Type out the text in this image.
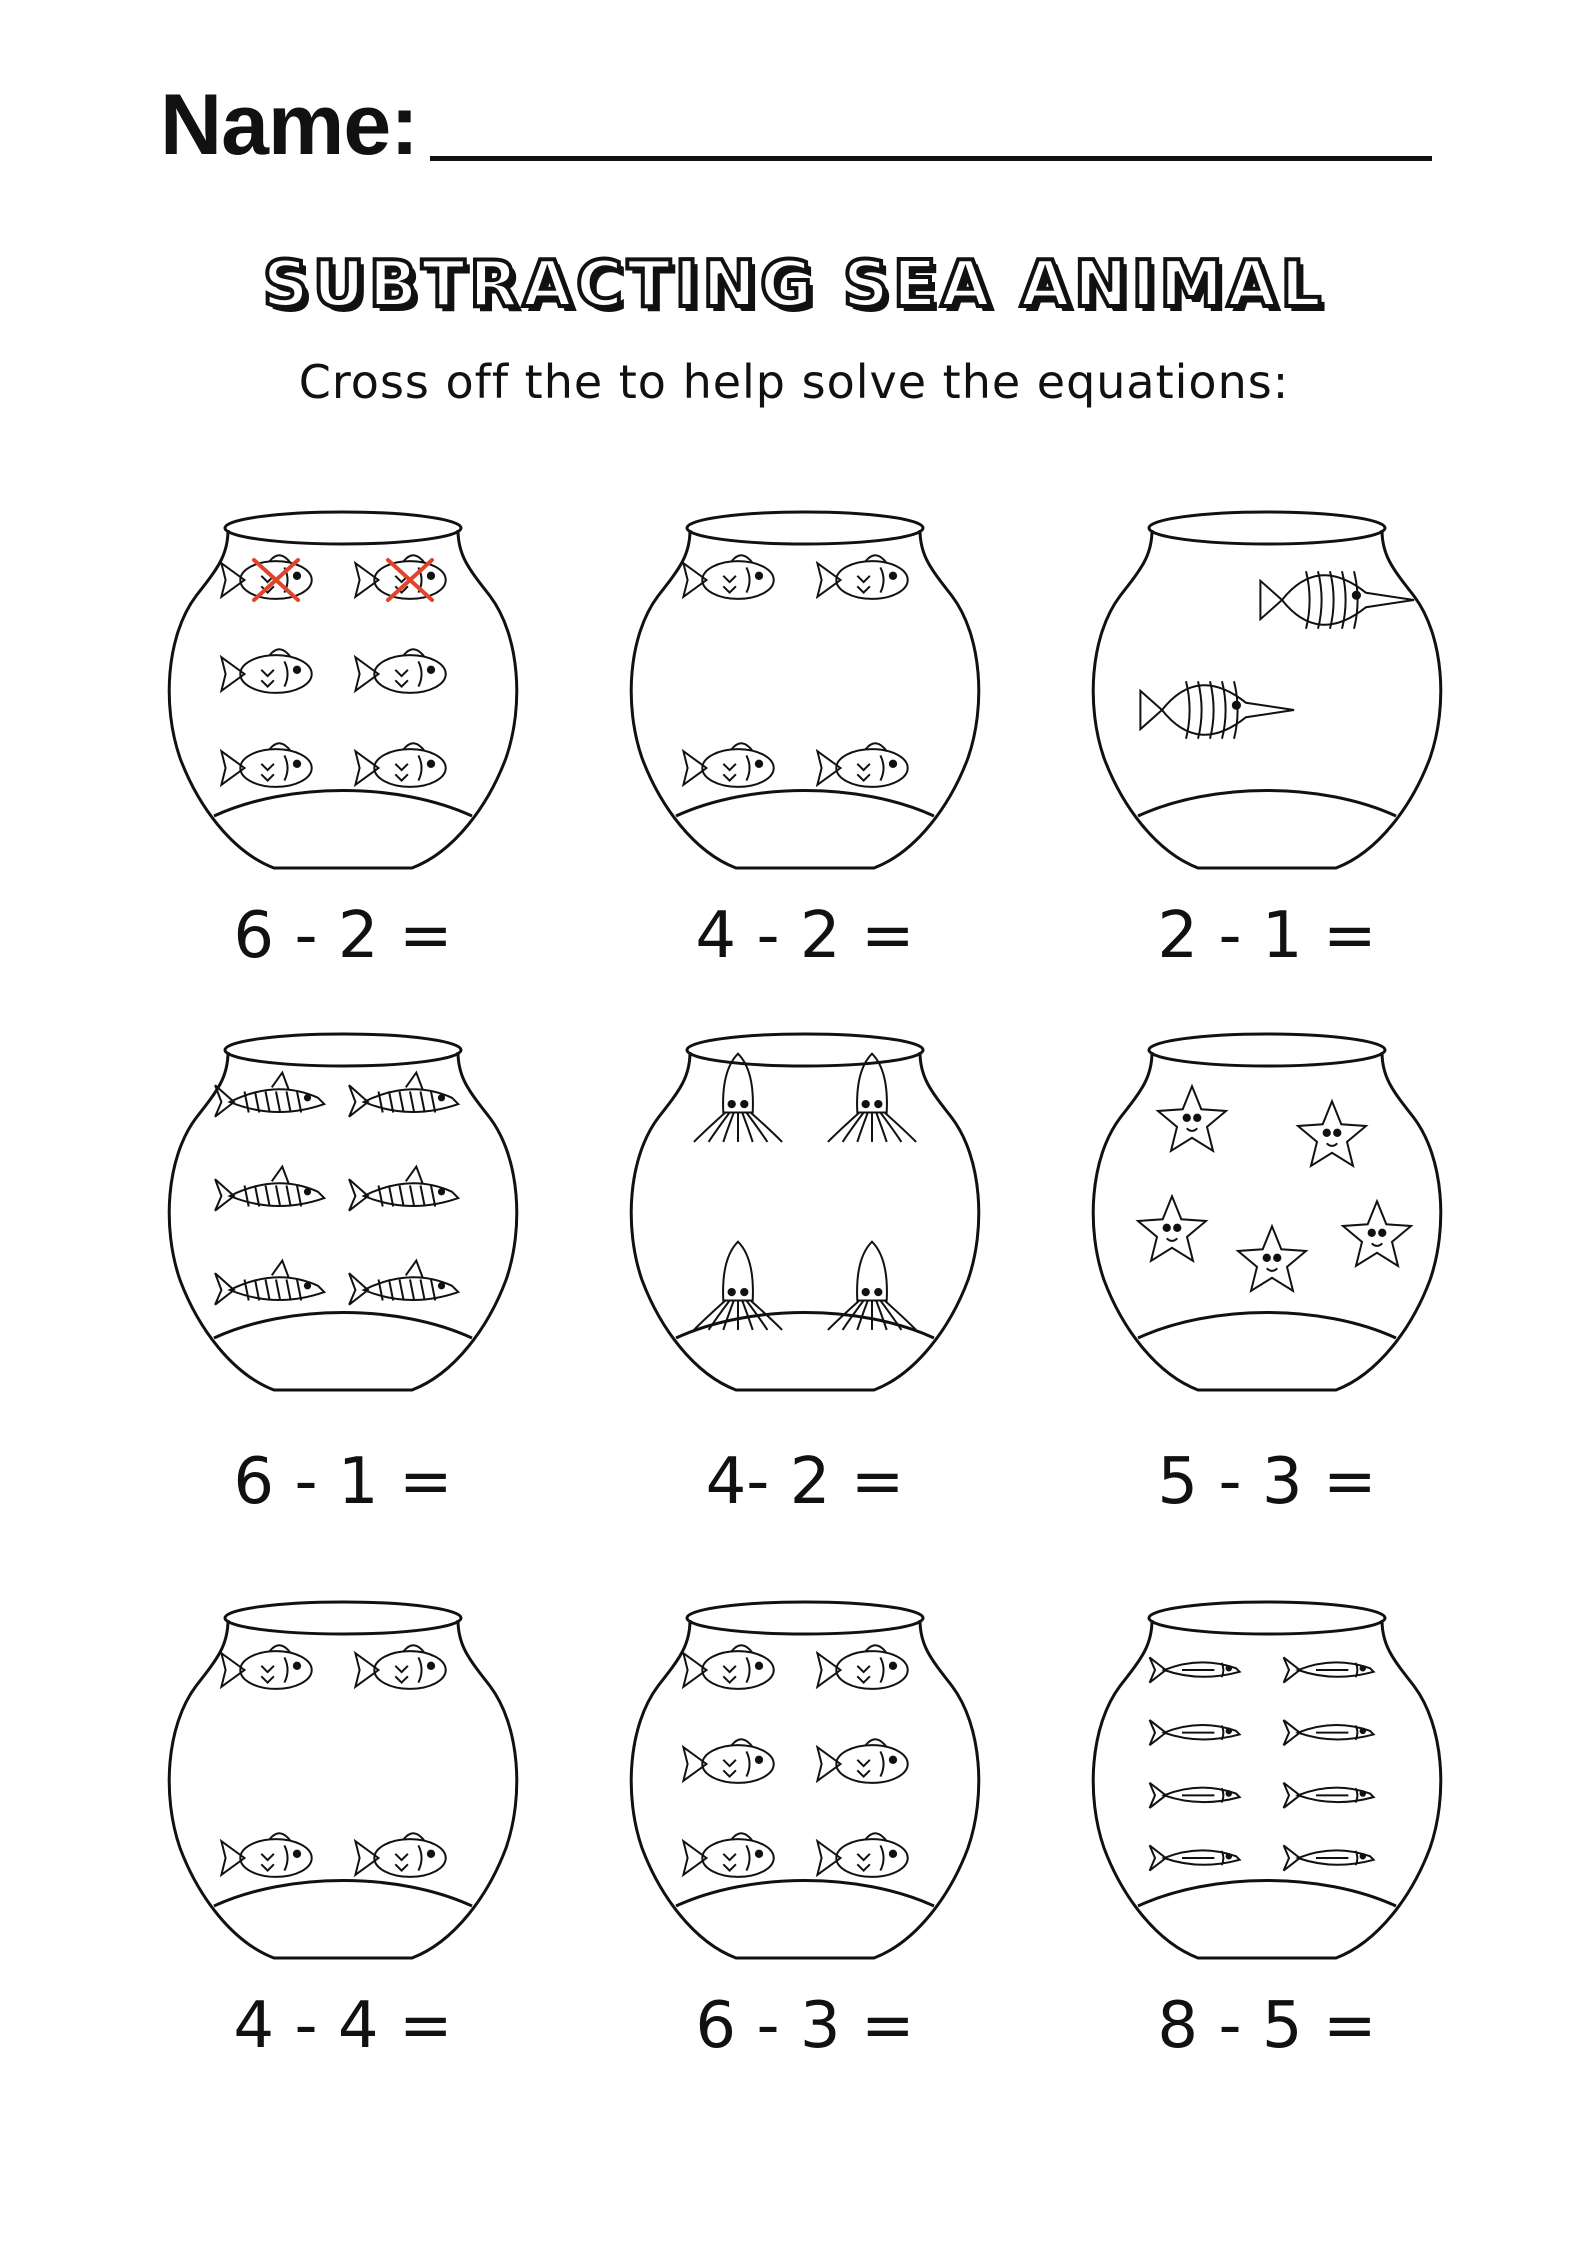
Name:
SUBTRACTING SEA ANIMAL
Cross off the to help solve the equations:
6 - 2 =	4 - 2 =	2 - 1 =
6 - 1 =	4- 2 =	5 - 3 =
4 - 4 =	6 - 3 =	8 - 5 =
